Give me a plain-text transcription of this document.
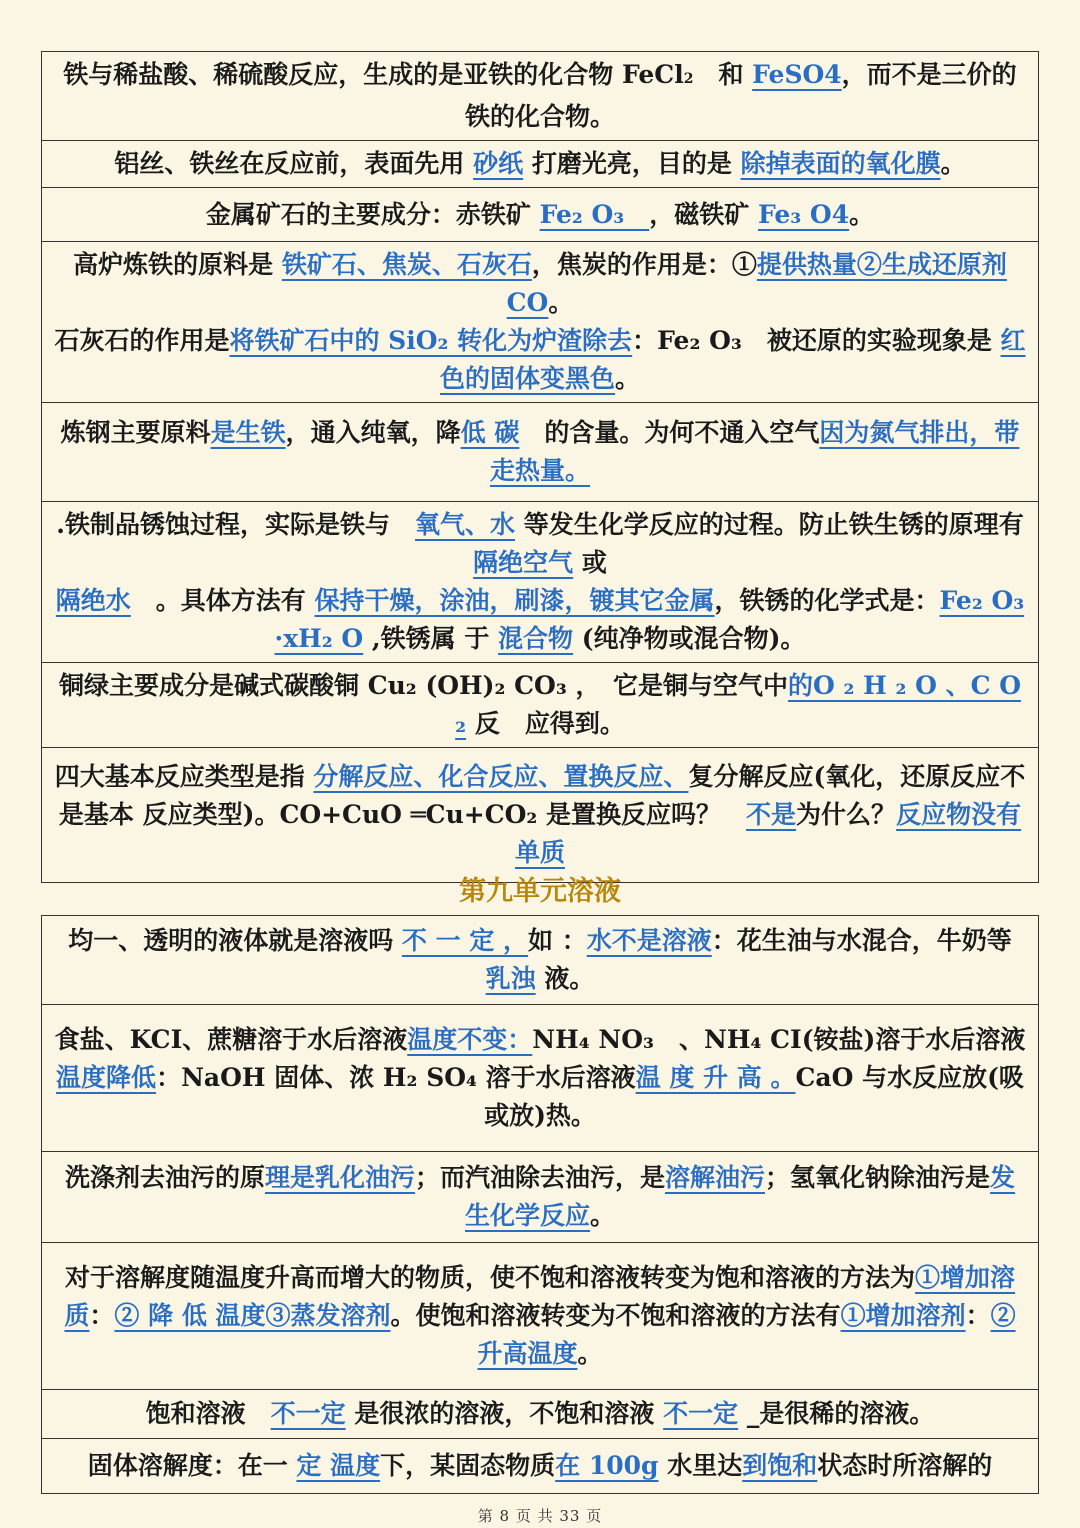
铁与稀盐酸、稀硫酸反应，生成的是亚铁的化合物 FeCl2　和 FeSO4，而不是三价的铁的化合物。
铝丝、铁丝在反应前，表面先用 砂纸 打磨光亮，目的是 除掉表面的氧化膜。
金属矿石的主要成分：赤铁矿 Fe₂ O₃　，磁铁矿 Fe₃ O4。
高炉炼铁的原料是 铁矿石、焦炭、石灰石，焦炭的作用是：①提供热量②生成还原剂 CO。
石灰石的作用是将铁矿石中的 SiO₂ 转化为炉渣除去：Fe₂ O₃　被还原的实验现象是 红色的固体变黑色。
炼钢主要原料是生铁，通入纯氧，降低 碳　的含量。为何不通入空气因为氮气排出，带走热量。
.铁制品锈蚀过程，实际是铁与　氧气、水 等发生化学反应的过程。防止铁生锈的原理有 隔绝空气 或
隔绝水　。具体方法有 保持干燥，涂油，刷漆，镀其它金属，铁锈的化学式是：Fe₂ O₃ ·xH₂ O ,铁锈属 于 混合物 (纯净物或混合物)。
铜绿主要成分是碱式碳酸铜 Cu₂ (OH)₂ CO₃ ，　它是铜与空气中的O ₂ H ₂ O 、C O ₂ 反　应得到。
四大基本反应类型是指 分解反应、化合反应、置换反应、复分解反应(氧化，还原反应不是基本 反应类型)。CO+CuO ═Cu+CO₂ 是置换反应吗？　不是为什么？反应物没有单质
第九单元溶液
均一、透明的液体就是溶液吗 不 一 定 ，如 ：水不是溶液：花生油与水混合，牛奶等 乳浊 液。
食盐、KCI、蔗糖溶于水后溶液温度不变：NH₄ NO₃　、NH₄ CI(铵盐)溶于水后溶液温度降低：NaOH 固体、浓 H₂ SO₄ 溶于水后溶液温 度 升 高 。CaO 与水反应放(吸或放)热。
洗涤剂去油污的原理是乳化油污；而汽油除去油污，是溶解油污；氢氧化钠除油污是发生化学反应。
对于溶解度随温度升高而增大的物质，使不饱和溶液转变为饱和溶液的方法为①增加溶质：② 降 低 温度③蒸发溶剂。使饱和溶液转变为不饱和溶液的方法有①增加溶剂：② 升高温度。
饱和溶液　不一定 是很浓的溶液，不饱和溶液 不一定 _是很稀的溶液。
固体溶解度：在一 定 温度下，某固态物质在 100g 水里达到饱和状态时所溶解的
第 8 页 共 33 页
